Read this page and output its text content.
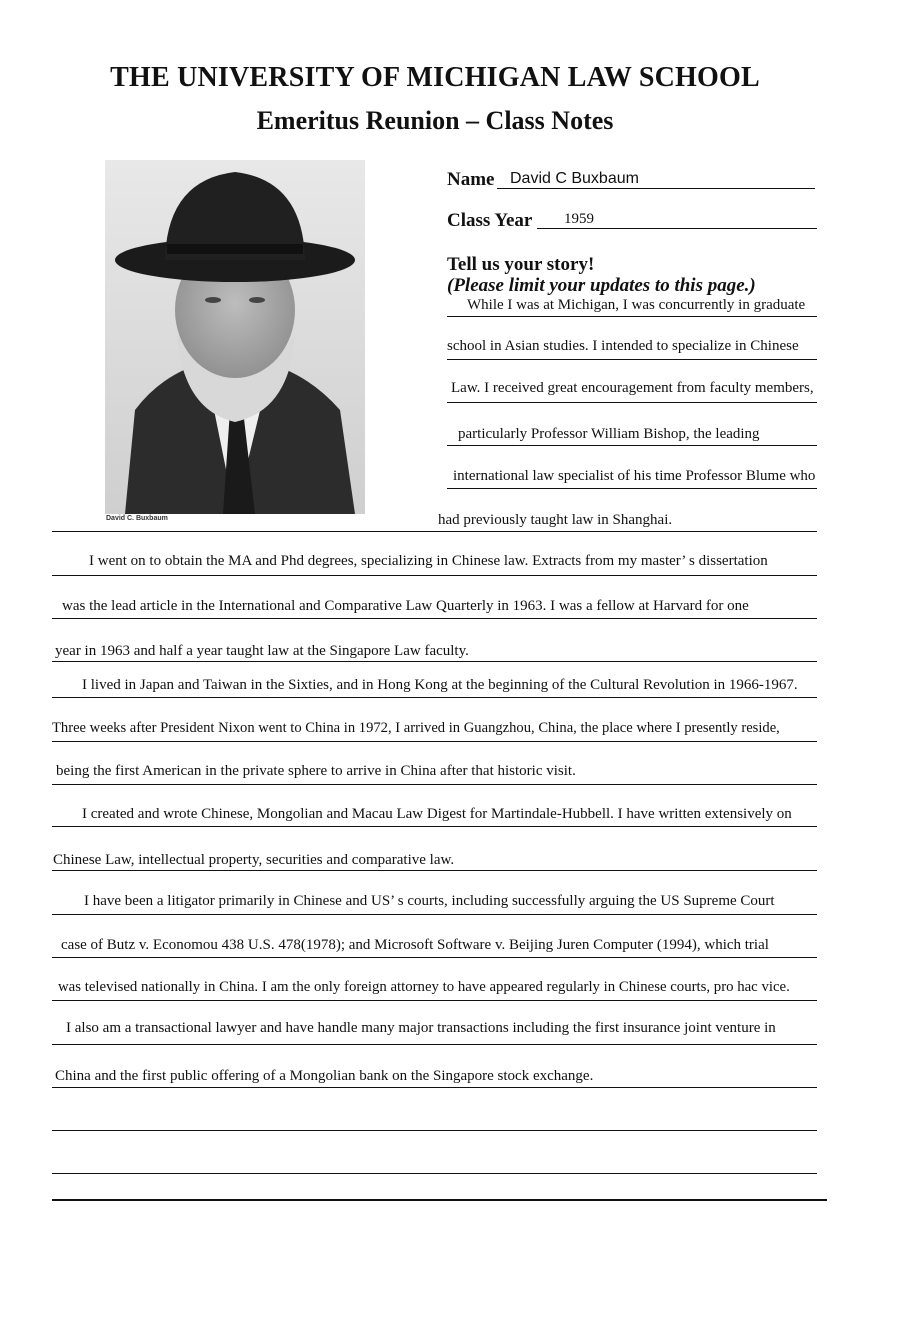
THE UNIVERSITY OF MICHIGAN LAW SCHOOL
Emeritus Reunion – Class Notes

David C. Buxbaum

Name David C Buxbaum
Class Year 1959

Tell us your story!

(Please limit your updates to this page.)

While I was at Michigan, I was concurrently in graduate

school in Asian studies. I intended to specialize in Chinese

Law. I received great encouragement from faculty members,

particularly Professor William Bishop, the leading

international law specialist of his time Professor Blume who

had previously taught law in Shanghai.

I went on to obtain the MA and Phd degrees, specializing in Chinese law. Extracts from my master’ s dissertation

was the lead article in the International and Comparative Law Quarterly in 1963. I was a fellow at Harvard for one

year in 1963 and half a year taught law at the Singapore Law faculty.

I lived in Japan and Taiwan in the Sixties, and in Hong Kong at the beginning of the Cultural Revolution in 1966-1967.

Three weeks after President Nixon went to China in 1972, I arrived in Guangzhou, China, the place where I presently reside,

being the first American in the private sphere to arrive in China after that historic visit.

I created and wrote Chinese, Mongolian and Macau Law Digest for Martindale-Hubbell. I have written extensively on

Chinese Law, intellectual property, securities and comparative law.

I have been a litigator primarily in Chinese and US’ s courts, including successfully arguing the US Supreme Court

case of Butz v. Economou 438 U.S. 478(1978); and Microsoft Software v. Beijing Juren Computer (1994), which trial

was televised nationally in China. I am the only foreign attorney to have appeared regularly in Chinese courts, pro hac vice.

I also am a transactional lawyer and have handle many major transactions including the first insurance joint venture in

China and the first public offering of a Mongolian bank on the Singapore stock exchange.
